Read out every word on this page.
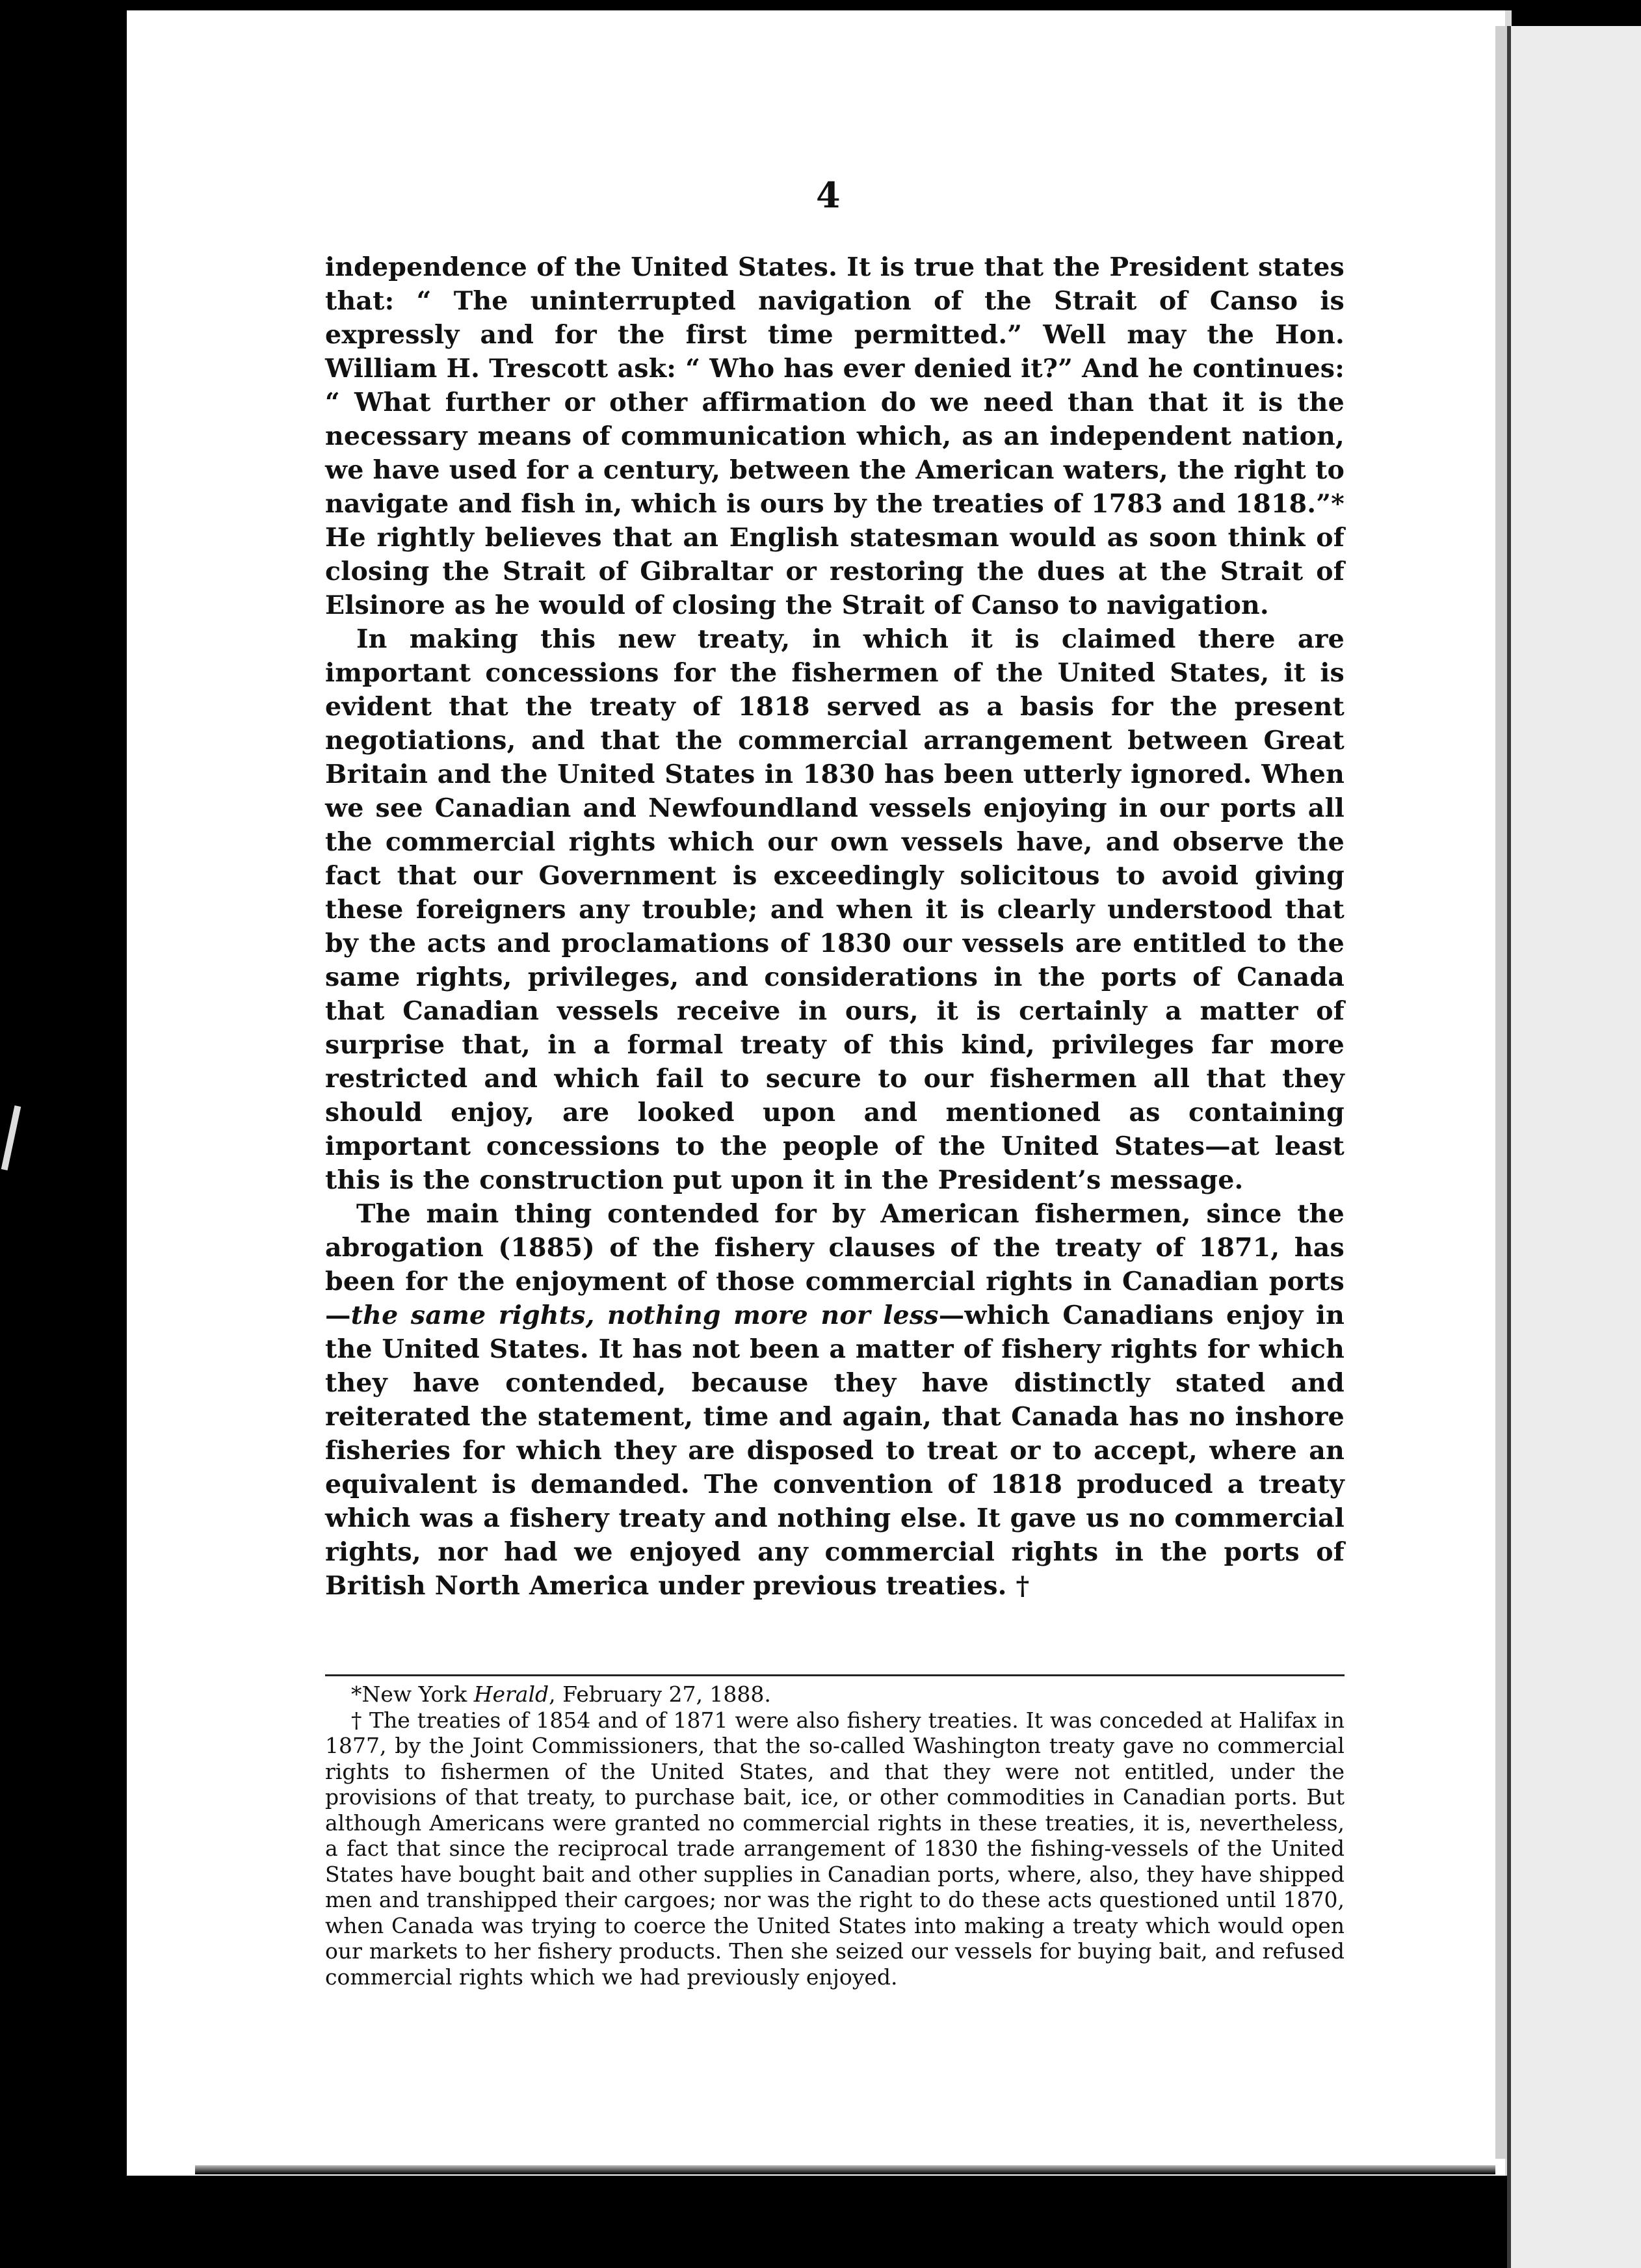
4

independence of the United States. It is true that the President states that: “ The uninterrupted navigation of the Strait of Canso is expressly and for the first time permitted.” Well may the Hon. William H. Trescott ask: “ Who has ever denied it?” And he continues: “ What further or other affirmation do we need than that it is the necessary means of communication which, as an independent nation, we have used for a century, between the American waters, the right to navigate and fish in, which is ours by the treaties of 1783 and 1818.”* He rightly believes that an English statesman would as soon think of closing the Strait of Gibraltar or restoring the dues at the Strait of Elsinore as he would of closing the Strait of Canso to navigation.

In making this new treaty, in which it is claimed there are important concessions for the fishermen of the United States, it is evident that the treaty of 1818 served as a basis for the present negotiations, and that the commercial arrangement between Great Britain and the United States in 1830 has been utterly ignored. When we see Canadian and Newfoundland vessels enjoying in our ports all the commercial rights which our own vessels have, and observe the fact that our Government is exceedingly solicitous to avoid giving these foreigners any trouble; and when it is clearly understood that by the acts and proclamations of 1830 our vessels are entitled to the same rights, privileges, and considerations in the ports of Canada that Canadian vessels receive in ours, it is certainly a matter of surprise that, in a formal treaty of this kind, privileges far more restricted and which fail to secure to our fishermen all that they should enjoy, are looked upon and mentioned as containing important concessions to the people of the United States—at least this is the construction put upon it in the President’s message.

The main thing contended for by American fishermen, since the abrogation (1885) of the fishery clauses of the treaty of 1871, has been for the enjoyment of those commercial rights in Canadian ports—the same rights, nothing more nor less—which Canadians enjoy in the United States. It has not been a matter of fishery rights for which they have contended, because they have distinctly stated and reiterated the statement, time and again, that Canada has no inshore fisheries for which they are disposed to treat or to accept, where an equivalent is demanded. The convention of 1818 produced a treaty which was a fishery treaty and nothing else. It gave us no commercial rights, nor had we enjoyed any commercial rights in the ports of British North America under previous treaties. †

*New York Herald, February 27, 1888.

† The treaties of 1854 and of 1871 were also fishery treaties. It was conceded at Halifax in 1877, by the Joint Commissioners, that the so-called Washington treaty gave no commercial rights to fishermen of the United States, and that they were not entitled, under the provisions of that treaty, to purchase bait, ice, or other commodities in Canadian ports. But although Americans were granted no commercial rights in these treaties, it is, nevertheless, a fact that since the reciprocal trade arrangement of 1830 the fishing-vessels of the United States have bought bait and other supplies in Canadian ports, where, also, they have shipped men and transhipped their cargoes; nor was the right to do these acts questioned until 1870, when Canada was trying to coerce the United States into making a treaty which would open our markets to her fishery products. Then she seized our vessels for buying bait, and refused commercial rights which we had previously enjoyed.
